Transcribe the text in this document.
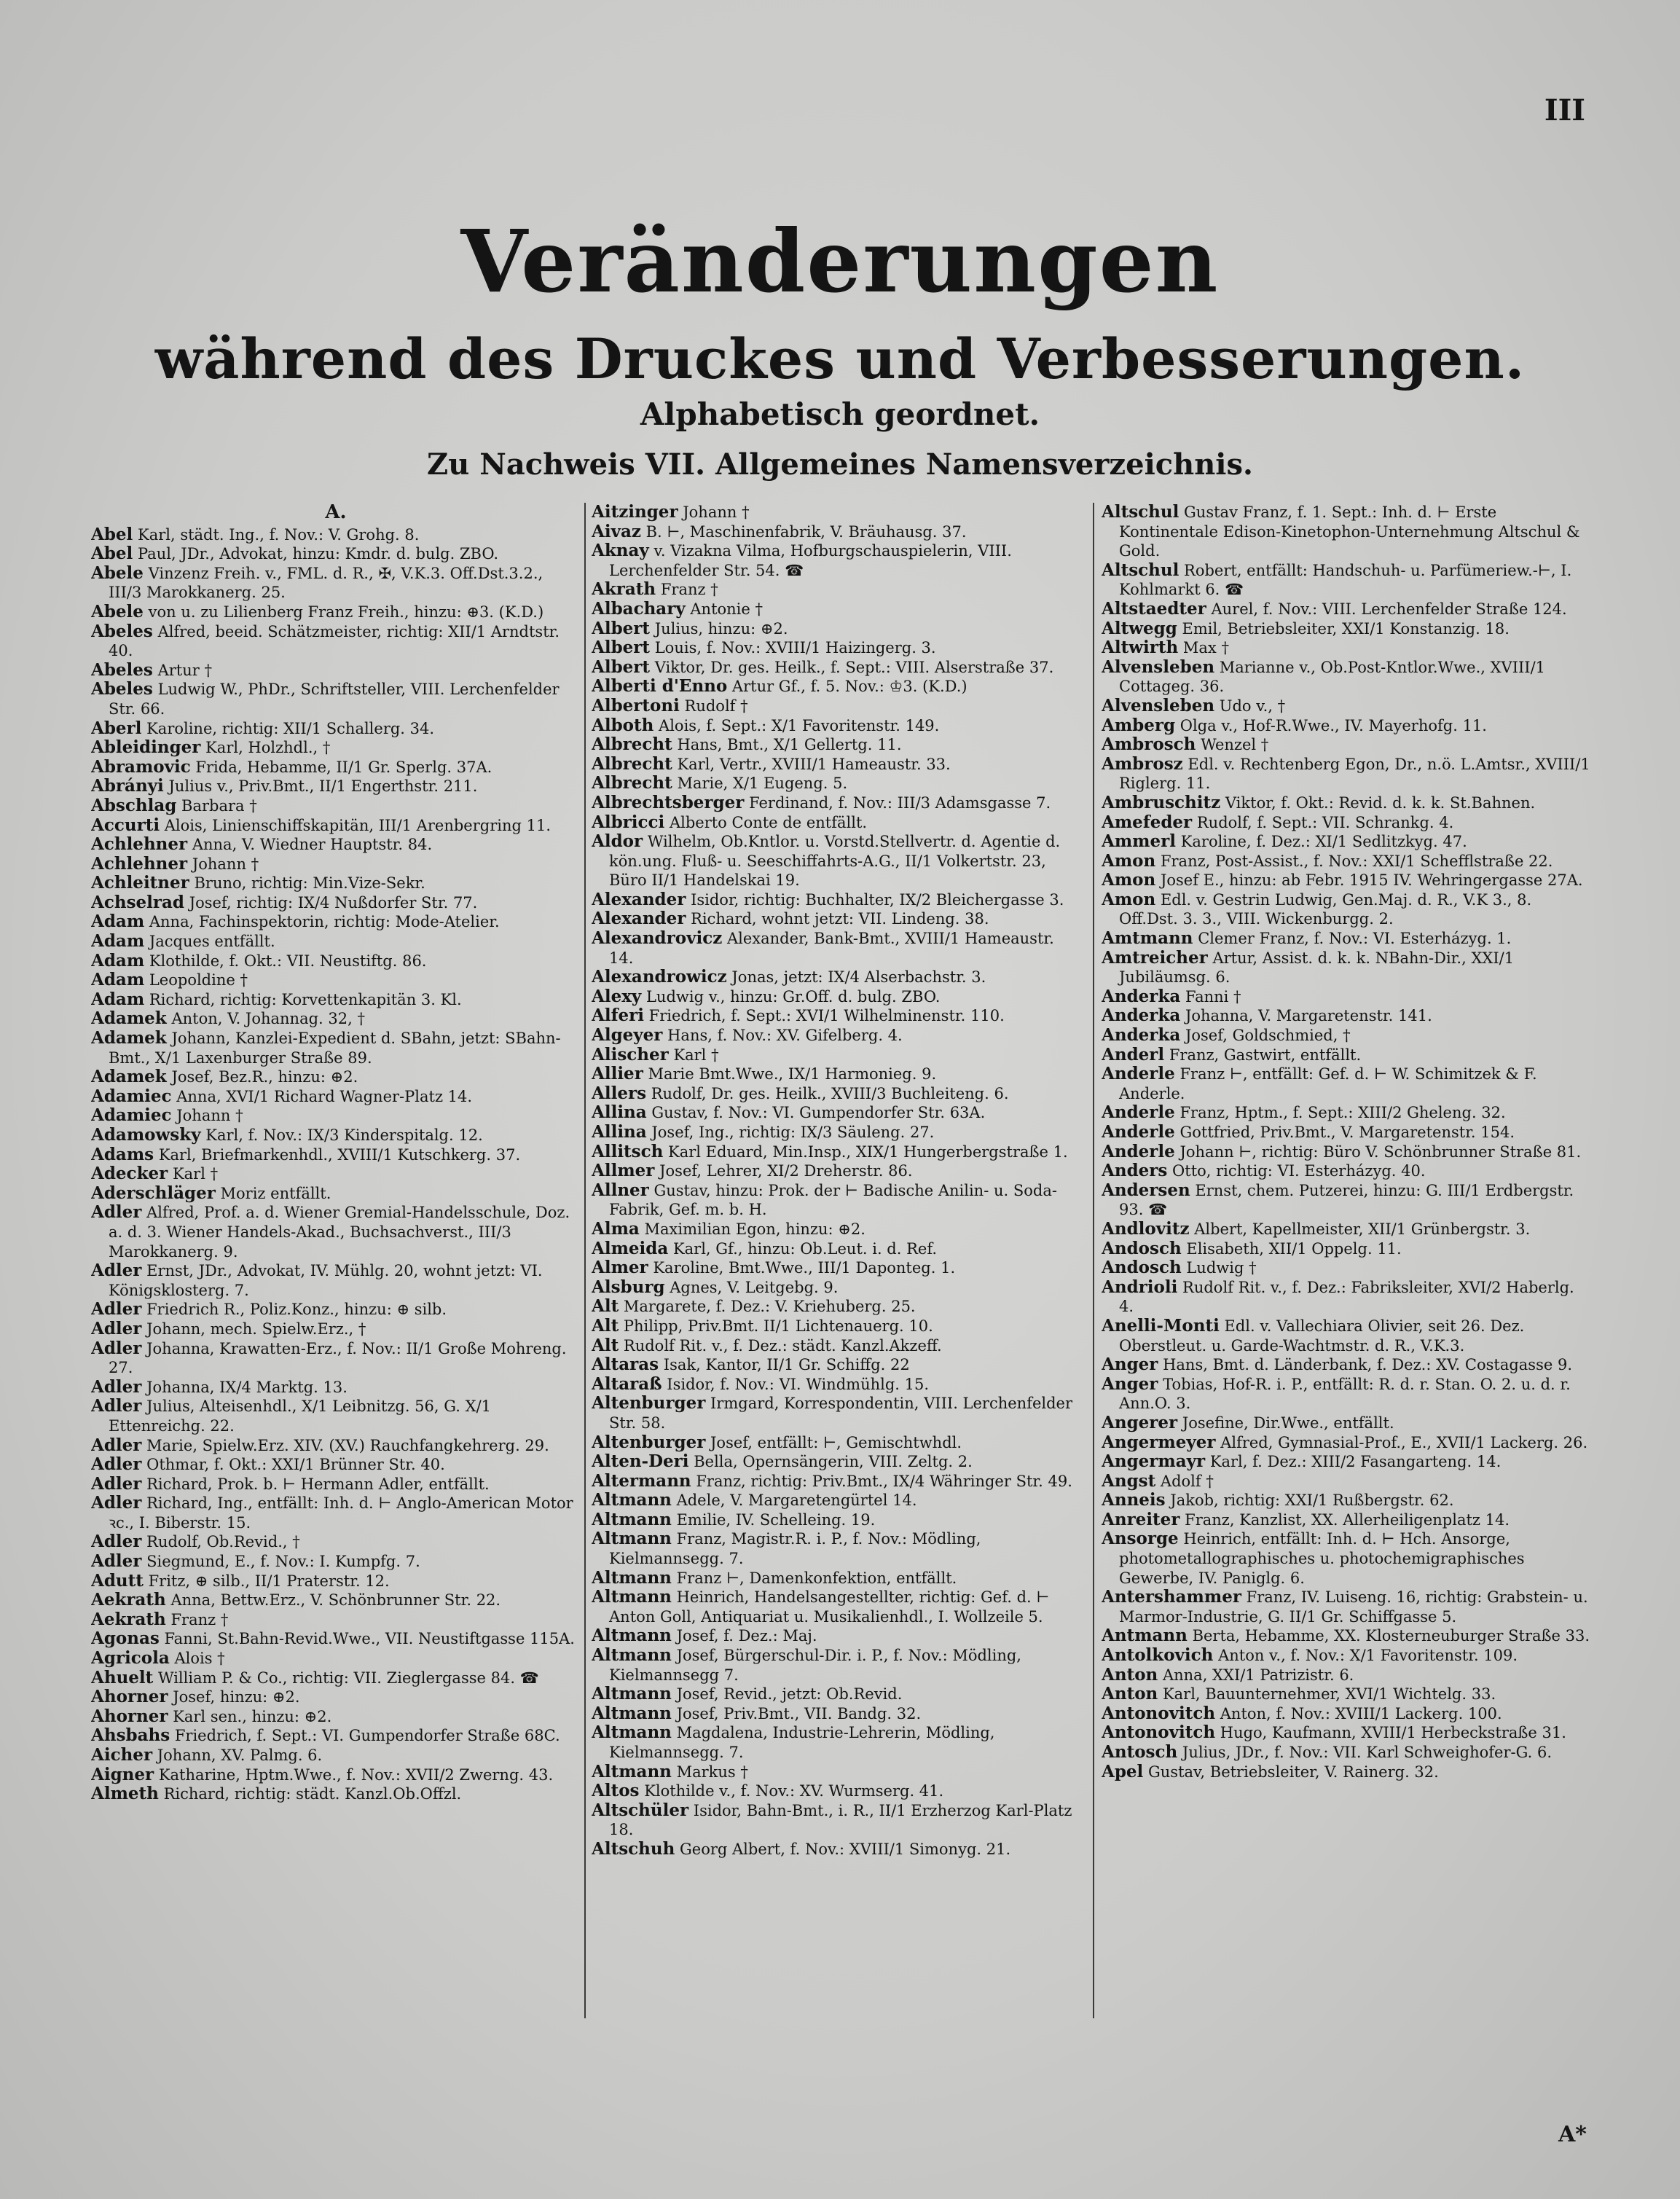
III
Veränderungen
während des Druckes und Verbesserungen.
Alphabetisch geordnet.
Zu Nachweis VII. Allgemeines Namensverzeichnis.
A.

Abel Karl, städt. Ing., f. Nov.: V. Grohg. 8.

Abel Paul, JDr., Advokat, hinzu: Kmdr. d. bulg. ZBO.

Abele Vinzenz Freih. v., FML. d. R., ✠, V.K.3. Off.Dst.3.2., III/3 Marokkanerg. 25.

Abele von u. zu Lilienberg Franz Freih., hinzu: ⊕3. (K.D.)

Abeles Alfred, beeid. Schätzmeister, richtig: XII/1 Arndtstr. 40.

Abeles Artur †

Abeles Ludwig W., PhDr., Schriftsteller, VIII. Lerchenfelder Str. 66.

Aberl Karoline, richtig: XII/1 Schallerg. 34.

Ableidinger Karl, Holzhdl., †

Abramovic Frida, Hebamme, II/1 Gr. Sperlg. 37A.

Abrányi Julius v., Priv.Bmt., II/1 Engerthstr. 211.

Abschlag Barbara †

Accurti Alois, Linienschiffskapitän, III/1 Arenbergring 11.

Achlehner Anna, V. Wiedner Hauptstr. 84.

Achlehner Johann †

Achleitner Bruno, richtig: Min.Vize-Sekr.

Achselrad Josef, richtig: IX/4 Nußdorfer Str. 77.

Adam Anna, Fachinspektorin, richtig: Mode-Atelier.

Adam Jacques entfällt.

Adam Klothilde, f. Okt.: VII. Neustiftg. 86.

Adam Leopoldine †

Adam Richard, richtig: Korvettenkapitän 3. Kl.

Adamek Anton, V. Johannag. 32, †

Adamek Johann, Kanzlei-Expedient d. SBahn, jetzt: SBahn-Bmt., X/1 Laxenburger Straße 89.

Adamek Josef, Bez.R., hinzu: ⊕2.

Adamiec Anna, XVI/1 Richard Wagner-Platz 14.

Adamiec Johann †

Adamowsky Karl, f. Nov.: IX/3 Kinderspitalg. 12.

Adams Karl, Briefmarkenhdl., XVIII/1 Kutschkerg. 37.

Adecker Karl †

Aderschläger Moriz entfällt.

Adler Alfred, Prof. a. d. Wiener Gremial-Handelsschule, Doz. a. d. 3. Wiener Handels-Akad., Buchsachverst., III/3 Marokkanerg. 9.

Adler Ernst, JDr., Advokat, IV. Mühlg. 20, wohnt jetzt: VI. Königsklosterg. 7.

Adler Friedrich R., Poliz.Konz., hinzu: ⊕ silb.

Adler Johann, mech. Spielw.Erz., †

Adler Johanna, Krawatten-Erz., f. Nov.: II/1 Große Mohreng. 27.

Adler Johanna, IX/4 Marktg. 13.

Adler Julius, Alteisenhdl., X/1 Leibnitzg. 56, G. X/1 Ettenreichg. 22.

Adler Marie, Spielw.Erz. XIV. (XV.) Rauchfangkehrerg. 29.

Adler Othmar, f. Okt.: XXI/1 Brünner Str. 40.

Adler Richard, Prok. b. ⊢ Hermann Adler, entfällt.

Adler Richard, Ing., entfällt: Inh. d. ⊢ Anglo-American Motor ꝛc., I. Biberstr. 15.

Adler Rudolf, Ob.Revid., †

Adler Siegmund, E., f. Nov.: I. Kumpfg. 7.

Adutt Fritz, ⊕ silb., II/1 Praterstr. 12.

Aekrath Anna, Bettw.Erz., V. Schönbrunner Str. 22.

Aekrath Franz †

Agonas Fanni, St.Bahn-Revid.Wwe., VII. Neustiftgasse 115A.

Agricola Alois †

Ahuelt William P. & Co., richtig: VII. Zieglergasse 84. ☎

Ahorner Josef, hinzu: ⊕2.

Ahorner Karl sen., hinzu: ⊕2.

Ahsbahs Friedrich, f. Sept.: VI. Gumpendorfer Straße 68C.

Aicher Johann, XV. Palmg. 6.

Aigner Katharine, Hptm.Wwe., f. Nov.: XVII/2 Zwerng. 43.

Almeth Richard, richtig: städt. Kanzl.Ob.Offzl.

Aitzinger Johann †

Aivaz B. ⊢, Maschinenfabrik, V. Bräuhausg. 37.

Aknay v. Vizakna Vilma, Hofburgschauspielerin, VIII. Lerchenfelder Str. 54. ☎

Akrath Franz †

Albachary Antonie †

Albert Julius, hinzu: ⊕2.

Albert Louis, f. Nov.: XVIII/1 Haizingerg. 3.

Albert Viktor, Dr. ges. Heilk., f. Sept.: VIII. Alserstraße 37.

Alberti d'Enno Artur Gf., f. 5. Nov.: ♔3. (K.D.)

Albertoni Rudolf †

Alboth Alois, f. Sept.: X/1 Favoritenstr. 149.

Albrecht Hans, Bmt., X/1 Gellertg. 11.

Albrecht Karl, Vertr., XVIII/1 Hameaustr. 33.

Albrecht Marie, X/1 Eugeng. 5.

Albrechtsberger Ferdinand, f. Nov.: III/3 Adamsgasse 7.

Albricci Alberto Conte de entfällt.

Aldor Wilhelm, Ob.Kntlor. u. Vorstd.Stellvertr. d. Agentie d. kön.ung. Fluß- u. Seeschiffahrts-A.G., II/1 Volkertstr. 23, Büro II/1 Handelskai 19.

Alexander Isidor, richtig: Buchhalter, IX/2 Bleichergasse 3.

Alexander Richard, wohnt jetzt: VII. Lindeng. 38.

Alexandrovicz Alexander, Bank-Bmt., XVIII/1 Hameaustr. 14.

Alexandrowicz Jonas, jetzt: IX/4 Alserbachstr. 3.

Alexy Ludwig v., hinzu: Gr.Off. d. bulg. ZBO.

Alferi Friedrich, f. Sept.: XVI/1 Wilhelminenstr. 110.

Algeyer Hans, f. Nov.: XV. Gifelberg. 4.

Alischer Karl †

Allier Marie Bmt.Wwe., IX/1 Harmonieg. 9.

Allers Rudolf, Dr. ges. Heilk., XVIII/3 Buchleiteng. 6.

Allina Gustav, f. Nov.: VI. Gumpendorfer Str. 63A.

Allina Josef, Ing., richtig: IX/3 Säuleng. 27.

Allitsch Karl Eduard, Min.Insp., XIX/1 Hungerbergstraße 1.

Allmer Josef, Lehrer, XI/2 Dreherstr. 86.

Allner Gustav, hinzu: Prok. der ⊢ Badische Anilin- u. Soda-Fabrik, Gef. m. b. H.

Alma Maximilian Egon, hinzu: ⊕2.

Almeida Karl, Gf., hinzu: Ob.Leut. i. d. Ref.

Almer Karoline, Bmt.Wwe., III/1 Daponteg. 1.

Alsburg Agnes, V. Leitgebg. 9.

Alt Margarete, f. Dez.: V. Kriehuberg. 25.

Alt Philipp, Priv.Bmt. II/1 Lichtenauerg. 10.

Alt Rudolf Rit. v., f. Dez.: städt. Kanzl.Akzeff.

Altaras Isak, Kantor, II/1 Gr. Schiffg. 22

Altaraß Isidor, f. Nov.: VI. Windmühlg. 15.

Altenburger Irmgard, Korrespondentin, VIII. Lerchenfelder Str. 58.

Altenburger Josef, entfällt: ⊢, Gemischtwhdl.

Alten-Deri Bella, Opernsängerin, VIII. Zeltg. 2.

Altermann Franz, richtig: Priv.Bmt., IX/4 Währinger Str. 49.

Altmann Adele, V. Margaretengürtel 14.

Altmann Emilie, IV. Schelleing. 19.

Altmann Franz, Magistr.R. i. P., f. Nov.: Mödling, Kielmannsegg. 7.

Altmann Franz ⊢, Damenkonfektion, entfällt.

Altmann Heinrich, Handelsangestellter, richtig: Gef. d. ⊢ Anton Goll, Antiquariat u. Musikalienhdl., I. Wollzeile 5.

Altmann Josef, f. Dez.: Maj.

Altmann Josef, Bürgerschul-Dir. i. P., f. Nov.: Mödling, Kielmannsegg 7.

Altmann Josef, Revid., jetzt: Ob.Revid.

Altmann Josef, Priv.Bmt., VII. Bandg. 32.

Altmann Magdalena, Industrie-Lehrerin, Mödling, Kielmannsegg. 7.

Altmann Markus †

Altos Klothilde v., f. Nov.: XV. Wurmserg. 41.

Altschüler Isidor, Bahn-Bmt., i. R., II/1 Erzherzog Karl-Platz 18.

Altschuh Georg Albert, f. Nov.: XVIII/1 Simonyg. 21.

Altschul Gustav Franz, f. 1. Sept.: Inh. d. ⊢ Erste Kontinentale Edison-Kinetophon-Unternehmung Altschul & Gold.

Altschul Robert, entfällt: Handschuh- u. Parfümeriew.-⊢, I. Kohlmarkt 6. ☎

Altstaedter Aurel, f. Nov.: VIII. Lerchenfelder Straße 124.

Altwegg Emil, Betriebsleiter, XXI/1 Konstanzig. 18.

Altwirth Max †

Alvensleben Marianne v., Ob.Post-Kntlor.Wwe., XVIII/1 Cottageg. 36.

Alvensleben Udo v., †

Amberg Olga v., Hof-R.Wwe., IV. Mayerhofg. 11.

Ambrosch Wenzel †

Ambrosz Edl. v. Rechtenberg Egon, Dr., n.ö. L.Amtsr., XVIII/1 Riglerg. 11.

Ambruschitz Viktor, f. Okt.: Revid. d. k. k. St.Bahnen.

Amefeder Rudolf, f. Sept.: VII. Schrankg. 4.

Ammerl Karoline, f. Dez.: XI/1 Sedlitzkyg. 47.

Amon Franz, Post-Assist., f. Nov.: XXI/1 Schefflstraße 22.

Amon Josef E., hinzu: ab Febr. 1915 IV. Wehringergasse 27A.

Amon Edl. v. Gestrin Ludwig, Gen.Maj. d. R., V.K 3., 8. Off.Dst. 3. 3., VIII. Wickenburgg. 2.

Amtmann Clemer Franz, f. Nov.: VI. Esterházyg. 1.

Amtreicher Artur, Assist. d. k. k. NBahn-Dir., XXI/1 Jubiläumsg. 6.

Anderka Fanni †

Anderka Johanna, V. Margaretenstr. 141.

Anderka Josef, Goldschmied, †

Anderl Franz, Gastwirt, entfällt.

Anderle Franz ⊢, entfällt: Gef. d. ⊢ W. Schimitzek & F. Anderle.

Anderle Franz, Hptm., f. Sept.: XIII/2 Gheleng. 32.

Anderle Gottfried, Priv.Bmt., V. Margaretenstr. 154.

Anderle Johann ⊢, richtig: Büro V. Schönbrunner Straße 81.

Anders Otto, richtig: VI. Esterházyg. 40.

Andersen Ernst, chem. Putzerei, hinzu: G. III/1 Erdbergstr. 93. ☎

Andlovitz Albert, Kapellmeister, XII/1 Grünbergstr. 3.

Andosch Elisabeth, XII/1 Oppelg. 11.

Andosch Ludwig †

Andrioli Rudolf Rit. v., f. Dez.: Fabriksleiter, XVI/2 Haberlg. 4.

Anelli-Monti Edl. v. Vallechiara Olivier, seit 26. Dez. Oberstleut. u. Garde-Wachtmstr. d. R., V.K.3.

Anger Hans, Bmt. d. Länderbank, f. Dez.: XV. Costagasse 9.

Anger Tobias, Hof-R. i. P., entfällt: R. d. r. Stan. O. 2. u. d. r. Ann.O. 3.

Angerer Josefine, Dir.Wwe., entfällt.

Angermeyer Alfred, Gymnasial-Prof., E., XVII/1 Lackerg. 26.

Angermayr Karl, f. Dez.: XIII/2 Fasangarteng. 14.

Angst Adolf †

Anneis Jakob, richtig: XXI/1 Rußbergstr. 62.

Anreiter Franz, Kanzlist, XX. Allerheiligenplatz 14.

Ansorge Heinrich, entfällt: Inh. d. ⊢ Hch. Ansorge, photometallographisches u. photochemigraphisches Gewerbe, IV. Paniglg. 6.

Antershammer Franz, IV. Luiseng. 16, richtig: Grabstein- u. Marmor-Industrie, G. II/1 Gr. Schiffgasse 5.

Antmann Berta, Hebamme, XX. Klosterneuburger Straße 33.

Antolkovich Anton v., f. Nov.: X/1 Favoritenstr. 109.

Anton Anna, XXI/1 Patrizistr. 6.

Anton Karl, Bauunternehmer, XVI/1 Wichtelg. 33.

Antonovitch Anton, f. Nov.: XVIII/1 Lackerg. 100.

Antonovitch Hugo, Kaufmann, XVIII/1 Herbeckstraße 31.

Antosch Julius, JDr., f. Nov.: VII. Karl Schweighofer-G. 6.

Apel Gustav, Betriebsleiter, V. Rainerg. 32.

A*
